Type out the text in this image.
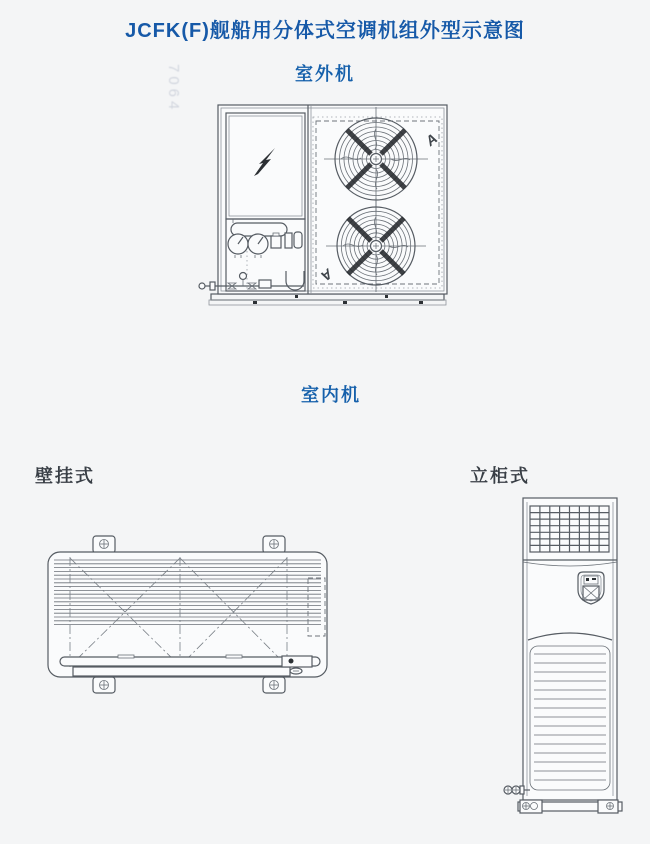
JCFK(F)舰船用分体式空调机组外型示意图
7064	室外机
室内机
壁挂式	立柜式
A
A
